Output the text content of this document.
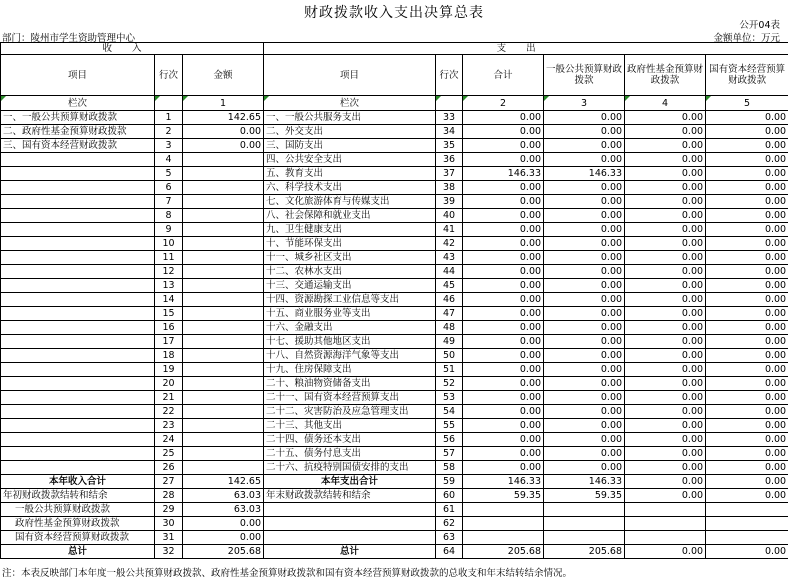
财政拨款收入支出决算总表
公开04表
部门：陵州市学生资助管理中心	金额单位：万元
收入			支出					
项目	行次	金额	项目	行次	合计	一般公共预算财政拨款	政府性基金预算财政拨款	国有资本经营预算财政拨款
栏次		1	栏次		2	3	4	5
一、一般公共预算财政拨款	1	142.65	一、一般公共服务支出	33	0.00	0.00	0.00	0.00
二、政府性基金预算财政拨款	2	0.00	二、外交支出	34	0.00	0.00	0.00	0.00
三、国有资本经营财政拨款	3	0.00	三、国防支出	35	0.00	0.00	0.00	0.00
	4		四、公共安全支出	36	0.00	0.00	0.00	0.00
	5		五、教育支出	37	146.33	146.33	0.00	0.00
	6		六、科学技术支出	38	0.00	0.00	0.00	0.00
	7		七、文化旅游体育与传媒支出	39	0.00	0.00	0.00	0.00
	8		八、社会保障和就业支出	40	0.00	0.00	0.00	0.00
	9		九、卫生健康支出	41	0.00	0.00	0.00	0.00
	10		十、节能环保支出	42	0.00	0.00	0.00	0.00
	11		十一、城乡社区支出	43	0.00	0.00	0.00	0.00
	12		十二、农林水支出	44	0.00	0.00	0.00	0.00
	13		十三、交通运输支出	45	0.00	0.00	0.00	0.00
	14		十四、资源勘探工业信息等支出	46	0.00	0.00	0.00	0.00
	15		十五、商业服务业等支出	47	0.00	0.00	0.00	0.00
	16		十六、金融支出	48	0.00	0.00	0.00	0.00
	17		十七、援助其他地区支出	49	0.00	0.00	0.00	0.00
	18		十八、自然资源海洋气象等支出	50	0.00	0.00	0.00	0.00
	19		十九、住房保障支出	51	0.00	0.00	0.00	0.00
	20		二十、粮油物资储备支出	52	0.00	0.00	0.00	0.00
	21		二十一、国有资本经营预算支出	53	0.00	0.00	0.00	0.00
	22		二十二、灾害防治及应急管理支出	54	0.00	0.00	0.00	0.00
	23		二十三、其他支出	55	0.00	0.00	0.00	0.00
	24		二十四、债务还本支出	56	0.00	0.00	0.00	0.00
	25		二十五、债务付息支出	57	0.00	0.00	0.00	0.00
	26		二十六、抗疫特别国债安排的支出	58	0.00	0.00	0.00	0.00
本年收入合计	27	142.65	本年支出合计	59	146.33	146.33	0.00	0.00
年初财政拨款结转和结余	28	63.03	年末财政拨款结转和结余	60	59.35	59.35	0.00	0.00
一般公共预算财政拨款	29	63.03		61				
政府性基金预算财政拨款	30	0.00		62				
国有资本经营预算财政拨款	31	0.00		63				
总计	32	205.68	总计	64	205.68	205.68	0.00	0.00
注：本表反映部门本年度一般公共预算财政拨款、政府性基金预算财政拨款和国有资本经营预算财政拨款的总收支和年末结转结余情况。
